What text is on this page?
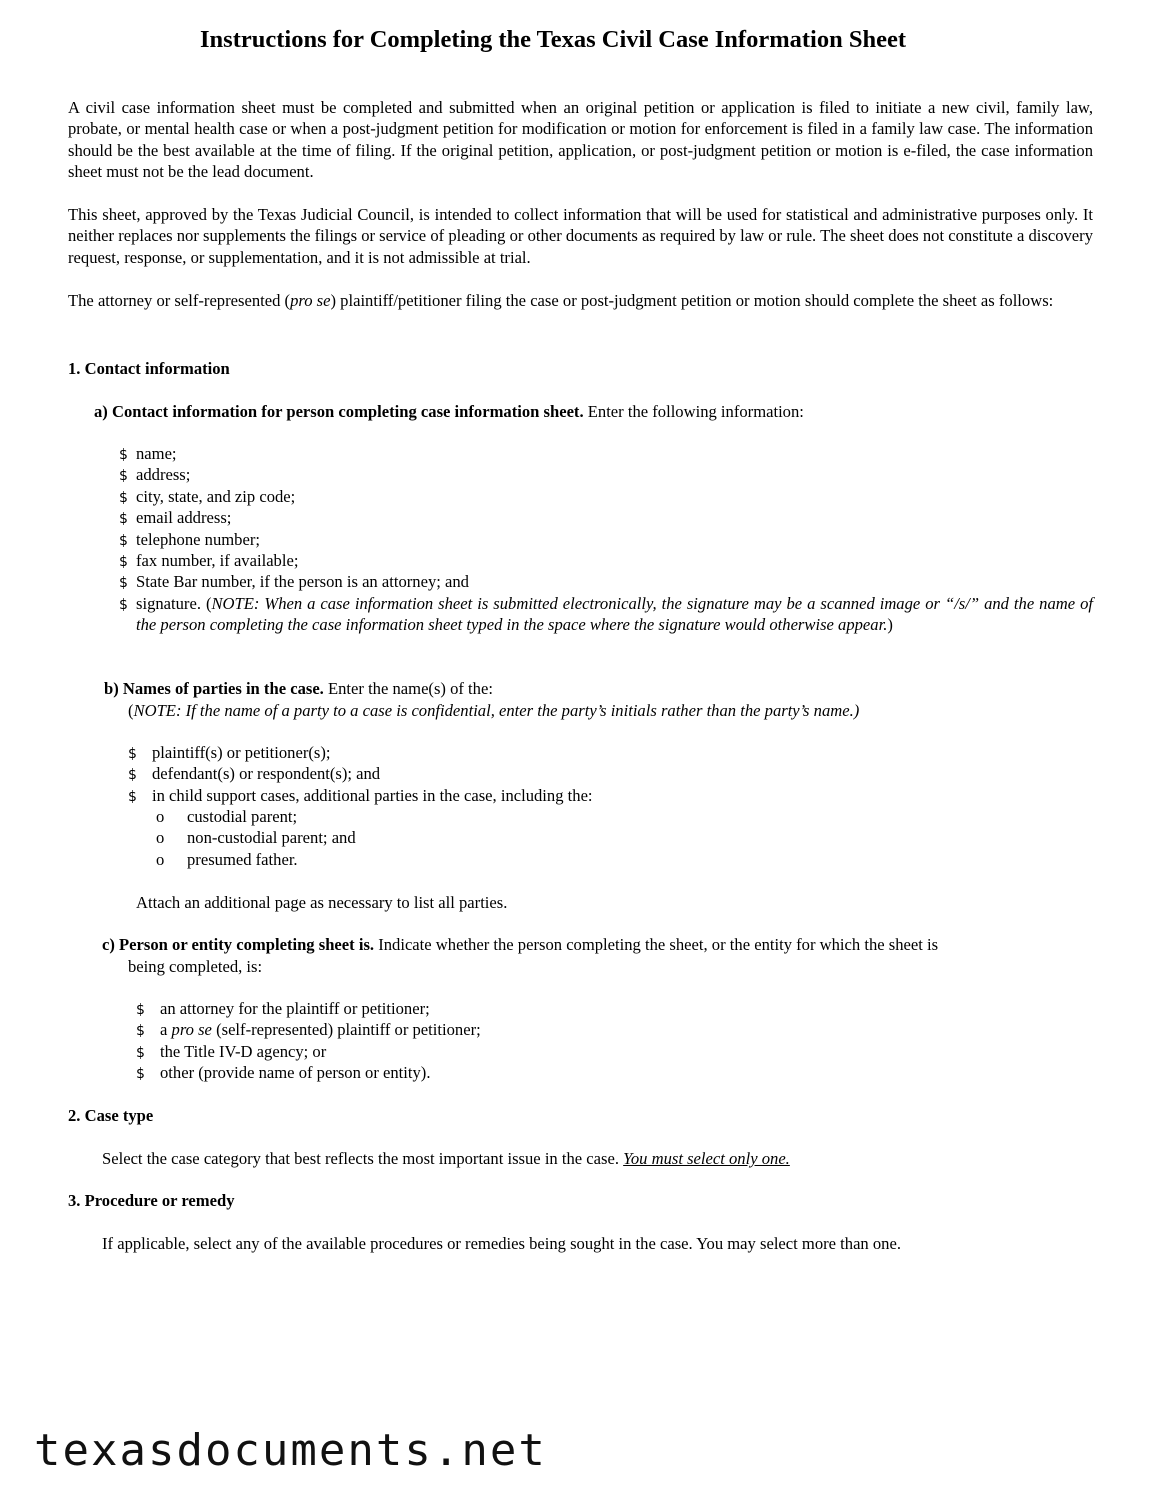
Instructions for Completing the Texas Civil Case Information Sheet

A civil case information sheet must be completed and submitted when an original petition or application is filed to initiate a new civil, family law, probate, or mental health case or when a post-judgment petition for modification or motion for enforcement is filed in a family law case. The information should be the best available at the time of filing. If the original petition, application, or post-judgment petition or motion is e-filed, the case information sheet must not be the lead document.

This sheet, approved by the Texas Judicial Council, is intended to collect information that will be used for statistical and administrative purposes only. It neither replaces nor supplements the filings or service of pleading or other documents as required by law or rule. The sheet does not constitute a discovery request, response, or supplementation, and it is not admissible at trial.

The attorney or self-represented (pro se) plaintiff/petitioner filing the case or post-judgment petition or motion should complete the sheet as follows:

1. Contact information
a) Contact information for person completing case information sheet. Enter the following information:
$ name;
$ address;
$ city, state, and zip code;
$ email address;
$ telephone number;
$ fax number, if available;
$ State Bar number, if the person is an attorney; and
$ signature. (NOTE: When a case information sheet is submitted electronically, the signature may be a scanned image or “/s/” and the name of the person completing the case information sheet typed in the space where the signature would otherwise appear.)
b) Names of parties in the case. Enter the name(s) of the:
(NOTE: If the name of a party to a case is confidential, enter the party’s initials rather than the party’s name.)
$ plaintiff(s) or petitioner(s);
$ defendant(s) or respondent(s); and
$ in child support cases, additional parties in the case, including the:
o custodial parent;
o non-custodial parent; and
o presumed father.
Attach an additional page as necessary to list all parties.
c) Person or entity completing sheet is. Indicate whether the person completing the sheet, or the entity for which the sheet is
being completed, is:
$ an attorney for the plaintiff or petitioner;
$ a pro se (self-represented) plaintiff or petitioner;
$ the Title IV-D agency; or
$ other (provide name of person or entity).
2. Case type
Select the case category that best reflects the most important issue in the case. You must select only one.
3. Procedure or remedy
If applicable, select any of the available procedures or remedies being sought in the case. You may select more than one.
texasdocuments.net
